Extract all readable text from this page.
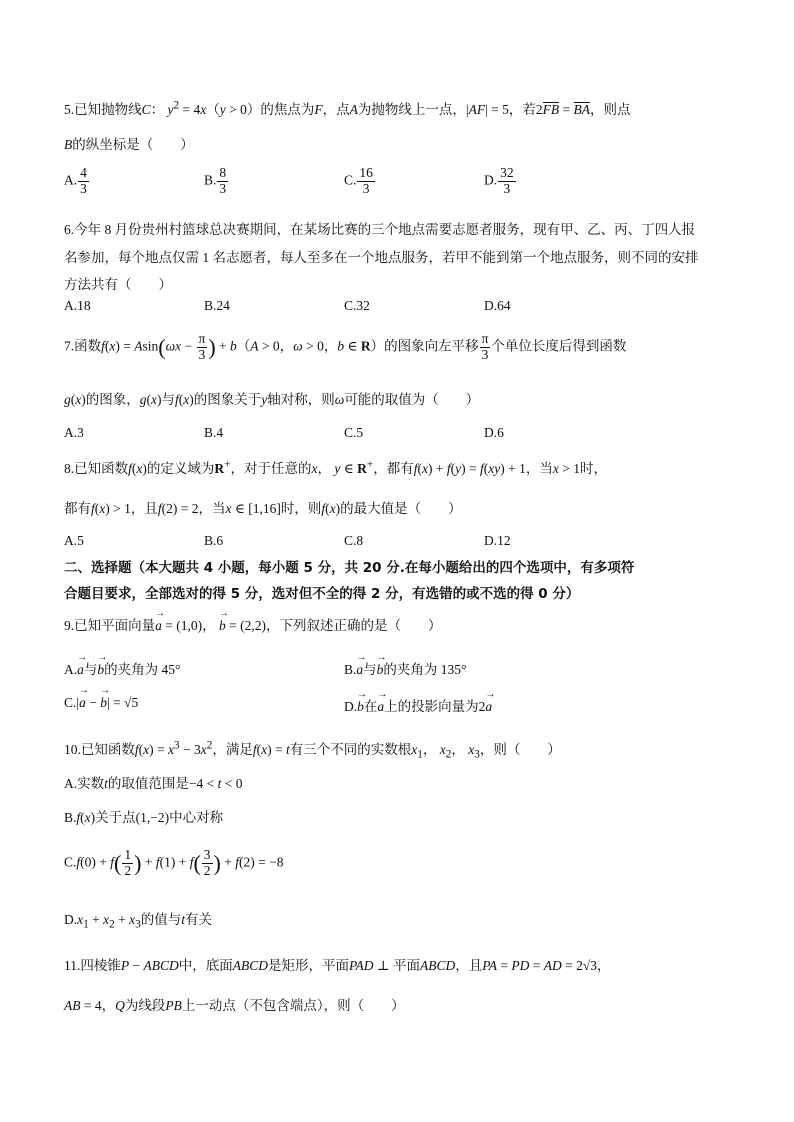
5.已知抛物线C： $y^2 = 4x(y > 0)$的焦点为F，点A为抛物线上一点，|AF| = 5，若2FB = BA，则点
B的纵坐标是（　　）
A. $\frac{4}{3}$	B. $\frac{8}{3}$	C. $\frac{16}{3}$	D. $\frac{32}{3}$
6.今年 8 月份贵州村篮球总决赛期间，在某场比赛的三个地点需要志愿者服务，现有甲、乙、丙、丁四人报
名参加，每个地点仅需 1 名志愿者，每人至多在一个地点服务，若甲不能到第一个地点服务，则不同的安排
方法共有（　　）
A.18	B.24	C.32	D.64
7.函数$f(x) = Asin(\omega x - \frac{\pi}{3}$ ) + b（A > 0，ω > 0，b ∈ R）的图象向左平移 $\frac{\pi}{3}$ 个单位长度后得到函数
g(x)的图象，g(x)与f(x)的图象关于y轴对称，则ω可能的取值为（　　）
A.3	B.4	C.5	D.6
8.已知函数f(x)的定义域为R+，对于任意的x， y ∈ R+，都有f(x) + f(y) = f(xy) + 1，当x > 1时，
都有f(x) > 1，且f(2) = 2，当x ∈ [1,16]时，则f(x)的最大值是（　　）
A.5	B.6	C.8	D.12
二、选择题（本大题共 4 小题，每小题 5 分，共 20 分.在每小题给出的四个选项中，有多项符
合题目要求，全部选对的得 5 分，选对但不全的得 2 分，有选错的或不选的得 0 分）
9.已知平面向量→ a = (1,0)， → b = (2,2)，下列叙述正确的是（　　）
A.→ a与→ b的夹角为 45°	B.→ a与→ b的夹角为 135°
C.|→ a − → b| = √5	D.→ b在→ a上的投影向量为2→ a
10.已知函数$f(x) = x^3 - 3x^2$，满足f(x) = t有三个不同的实数根$x_1$， $x_2$， $x_3$，则（　　）
A.实数t的取值范围是−4 < t < 0
B.f(x)关于点(1,−2)中心对称
$C.f(0) + f( \frac{1}{2}$ ) + $f(1) + f( \frac{3}{2}$ ) + f(2) = −8
$D.x_1 + x_2 + x_3$的值与t有关
11.四棱锥P − ABCD中，底面ABCD是矩形，平面PAD ⊥ 平面ABCD，且PA = PD = AD = 2√3，
AB = 4，Q为线段PB上一动点（不包含端点），则（　　）
